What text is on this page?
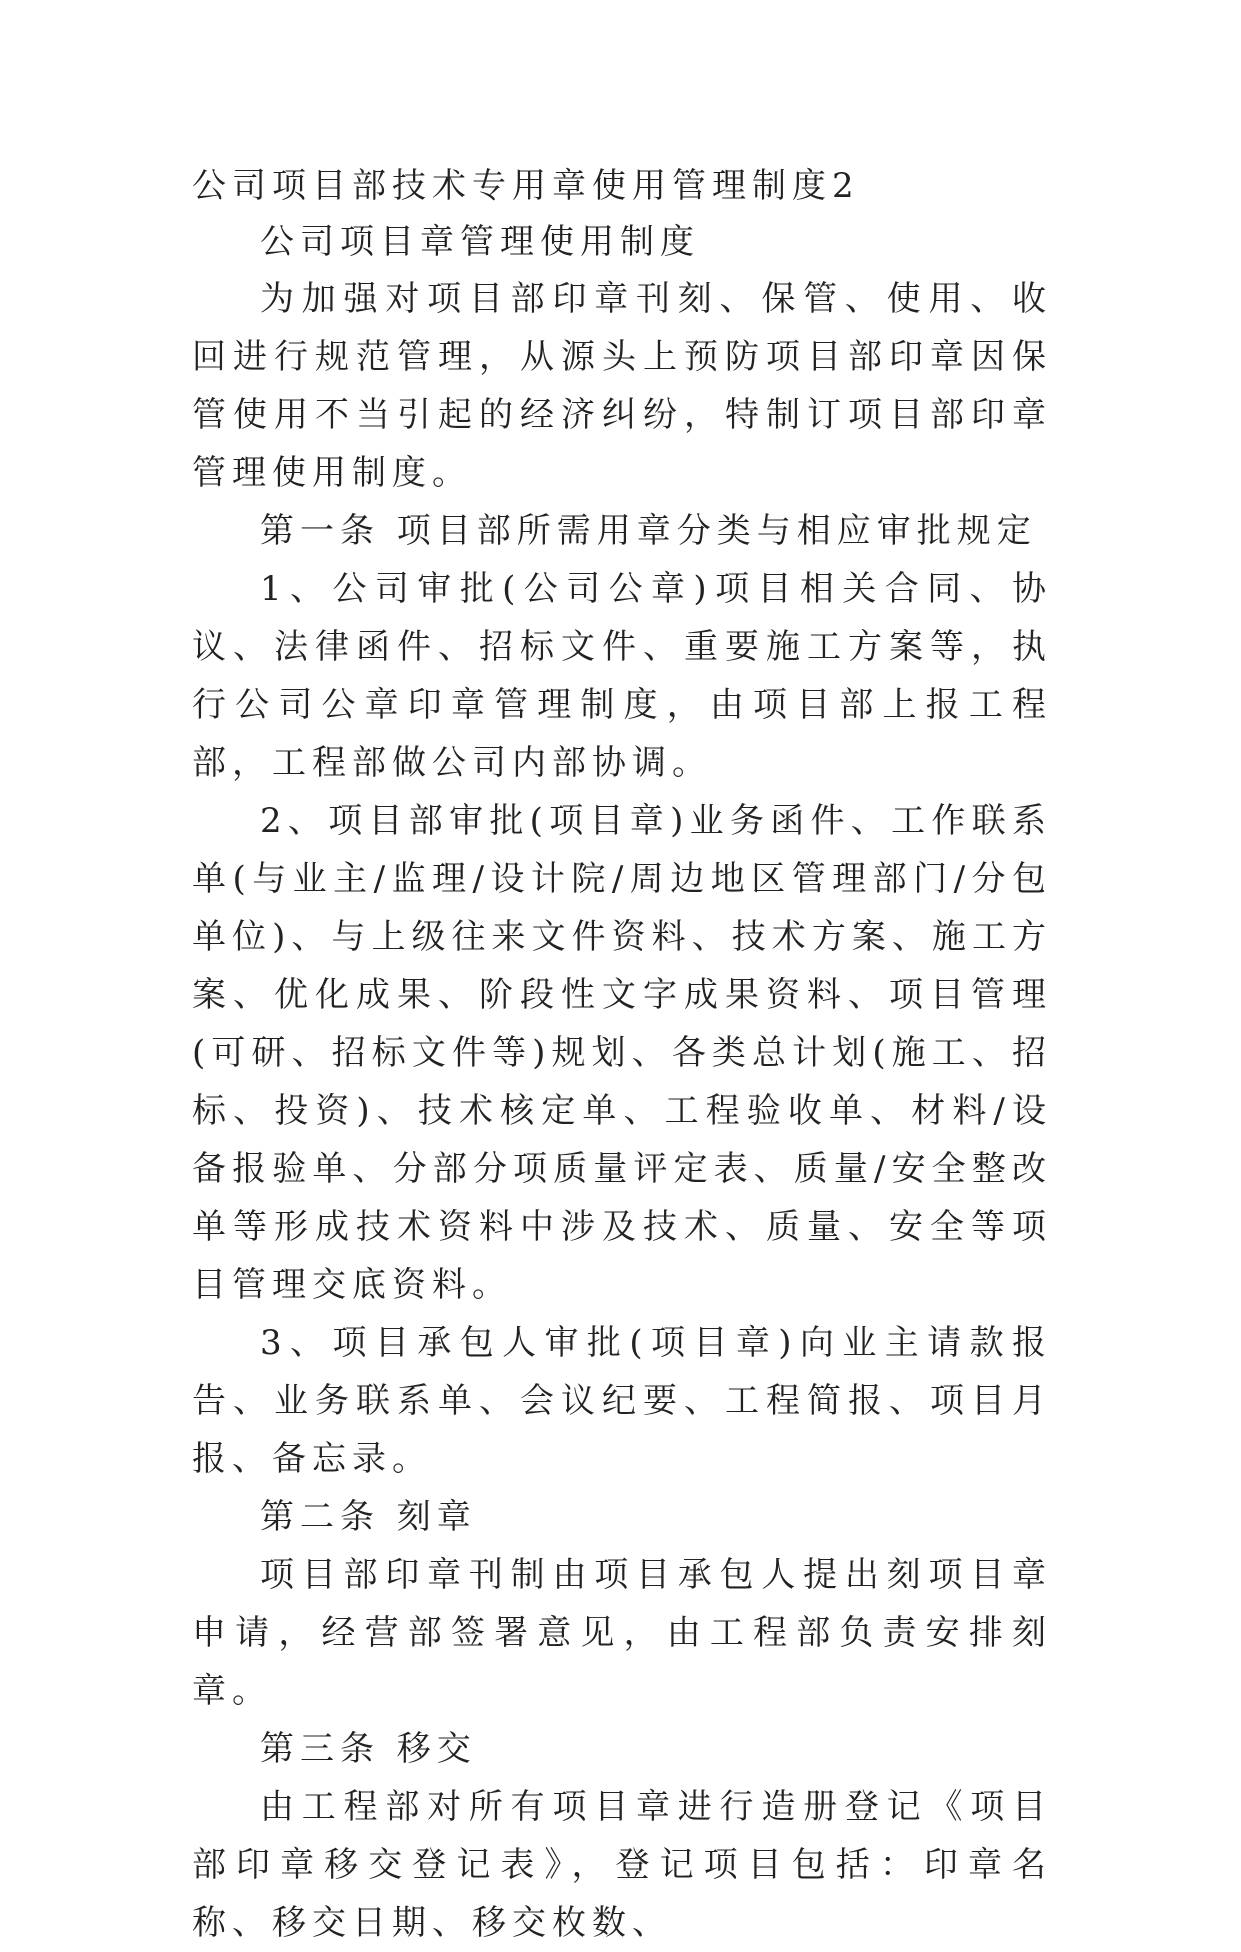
公司项目部技术专用章使用管理制度2

公司项目章管理使用制度

为加强对项目部印章刊刻、保管、使用、收回进行规范管理，从源头上预防项目部印章因保管使用不当引起的经济纠纷，特制订项目部印章管理使用制度。

第一条 项目部所需用章分类与相应审批规定

1、公司审批(公司公章)项目相关合同、协议、法律函件、招标文件、重要施工方案等，执行公司公章印章管理制度，由项目部上报工程部，工程部做公司内部协调。

2、项目部审批(项目章)业务函件、工作联系单(与业主/监理/设计院/周边地区管理部门/分包单位)、与上级往来文件资料、技术方案、施工方案、优化成果、阶段性文字成果资料、项目管理(可研、招标文件等)规划、各类总计划(施工、招标、投资)、技术核定单、工程验收单、材料/设备报验单、分部分项质量评定表、质量/安全整改单等形成技术资料中涉及技术、质量、安全等项目管理交底资料。

3、项目承包人审批(项目章)向业主请款报告、业务联系单、会议纪要、工程简报、项目月报、备忘录。

第二条 刻章

项目部印章刊制由项目承包人提出刻项目章申请，经营部签署意见，由工程部负责安排刻章。

第三条 移交

由工程部对所有项目章进行造册登记《项目部印章移交登记表》，登记项目包括：印章名称、移交日期、移交枚数、
